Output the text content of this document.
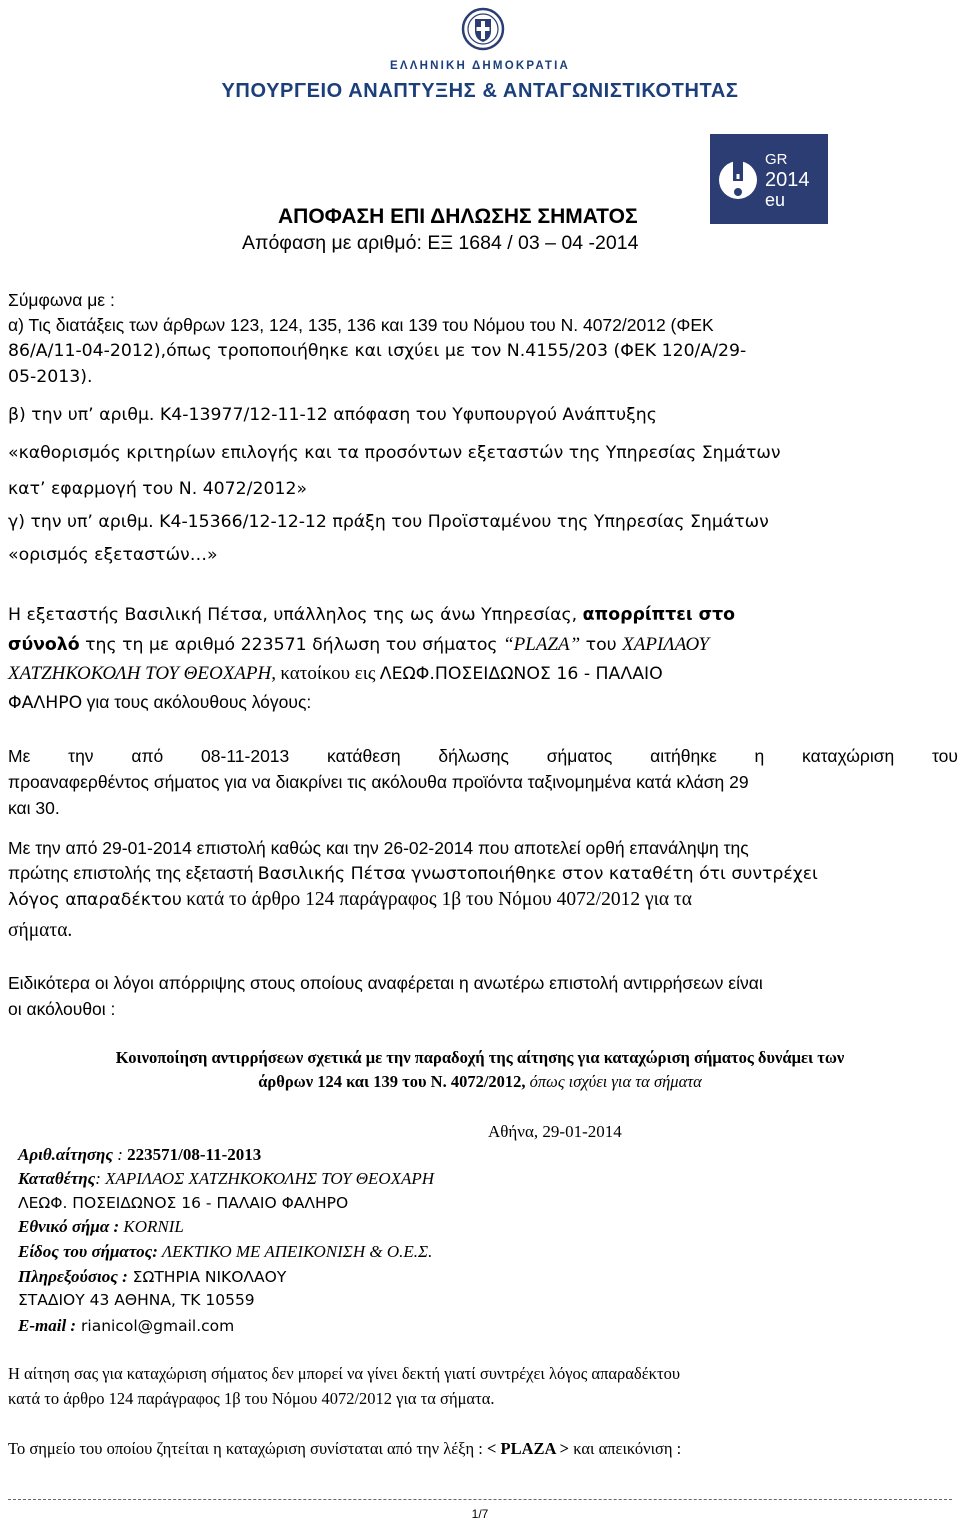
ΕΛΛΗΝΙΚΗ ΔΗΜΟΚΡΑΤΙΑ
ΥΠΟΥΡΓΕΙΟ ΑΝΑΠΤΥΞΗΣ & ΑΝΤΑΓΩΝΙΣΤΙΚΟΤΗΤΑΣ
GR
2014
eu
ΑΠΟΦΑΣΗ ΕΠΙ ΔΗΛΩΣΗΣ ΣΗΜΑΤΟΣ
Απόφαση με αριθμό: ΕΞ 1684 / 03 – 04 -2014
Σύμφωνα με :
α) Τις διατάξεις των άρθρων 123, 124, 135, 136 και 139 του Νόμου του Ν. 4072/2012 (ΦΕΚ
86/Α/11-04-2012),όπως τροποποιήθηκε και ισχύει με τον Ν.4155/203 (ΦΕΚ 120/Α/29-
05-2013).
β) την υπ’ αριθμ. Κ4-13977/12-11-12 απόφαση του Υφυπουργού Ανάπτυξης
«καθορισμός κριτηρίων επιλογής και τα προσόντων εξεταστών της Υπηρεσίας Σημάτων
κατ’ εφαρμογή του Ν. 4072/2012»
γ) την υπ’ αριθμ. Κ4-15366/12-12-12 πράξη του Προϊσταμένου της Υπηρεσίας Σημάτων
«ορισμός εξεταστών…»
Η εξεταστής Βασιλική Πέτσα, υπάλληλος της ως άνω Υπηρεσίας, απορρίπτει στο
σύνολό της τη με αριθμό 223571 δήλωση του σήματος “PLAZA” του ΧΑΡΙΛΑΟΥ
ΧΑΤΖΗΚΟΚΟΛΗ ΤΟΥ ΘΕΟΧΑΡΗ, κατοίκου εις ΛΕΩΦ.ΠΟΣΕΙΔΩΝΟΣ 16 - ΠΑΛΑΙΟ
ΦΑΛΗΡΟ για τους ακόλουθους λόγους:
Με την από 08-11-2013 κατάθεση δήλωσης σήματος αιτήθηκε η καταχώριση του
προαναφερθέντος σήματος για να διακρίνει τις ακόλουθα προϊόντα ταξινομημένα κατά κλάση 29
και 30.
Με την από 29-01-2014 επιστολή καθώς και την 26-02-2014 που αποτελεί ορθή επανάληψη της
πρώτης επιστολής της εξεταστή Βασιλικής Πέτσα γνωστοποιήθηκε στον καταθέτη ότι συντρέχει
λόγος απαραδέκτου κατά το άρθρο 124 παράγραφος 1β του Νόμου 4072/2012 για τα
σήματα.
Ειδικότερα οι λόγοι απόρριψης στους οποίους αναφέρεται η ανωτέρω επιστολή αντιρρήσεων είναι
οι ακόλουθοι :
Κοινοποίηση αντιρρήσεων σχετικά με την παραδοχή της αίτησης για καταχώριση σήματος δυνάμει των
άρθρων 124 και 139 του Ν. 4072/2012, όπως ισχύει για τα σήματα
Αθήνα, 29-01-2014
Αριθ.αίτησης : 223571/08-11-2013
Καταθέτης: ΧΑΡΙΛΑΟΣ ΧΑΤΖΗΚΟΚΟΛΗΣ ΤΟΥ ΘΕΟΧΑΡΗ
ΛΕΩΦ. ΠΟΣΕΙΔΩΝΟΣ 16 - ΠΑΛΑΙΟ ΦΑΛΗΡΟ
Εθνικό σήμα : KORNIL
Είδος του σήματος: ΛΕΚΤΙΚΟ ΜΕ ΑΠΕΙΚΟΝΙΣΗ & Ο.Ε.Σ.
Πληρεξούσιος : ΣΩΤΗΡΙΑ ΝΙΚΟΛΑΟΥ
ΣΤΑΔΙΟΥ 43 ΑΘΗΝΑ, ΤΚ 10559
E-mail : rianicol@gmail.com
Η αίτηση σας για καταχώριση σήματος δεν μπορεί να γίνει δεκτή γιατί συντρέχει λόγος απαραδέκτου
κατά το άρθρο 124 παράγραφος 1β του Νόμου 4072/2012 για τα σήματα.
Το σημείο του οποίου ζητείται η καταχώριση συνίσταται από την λέξη : < PLAZA > και απεικόνιση :
1/7
